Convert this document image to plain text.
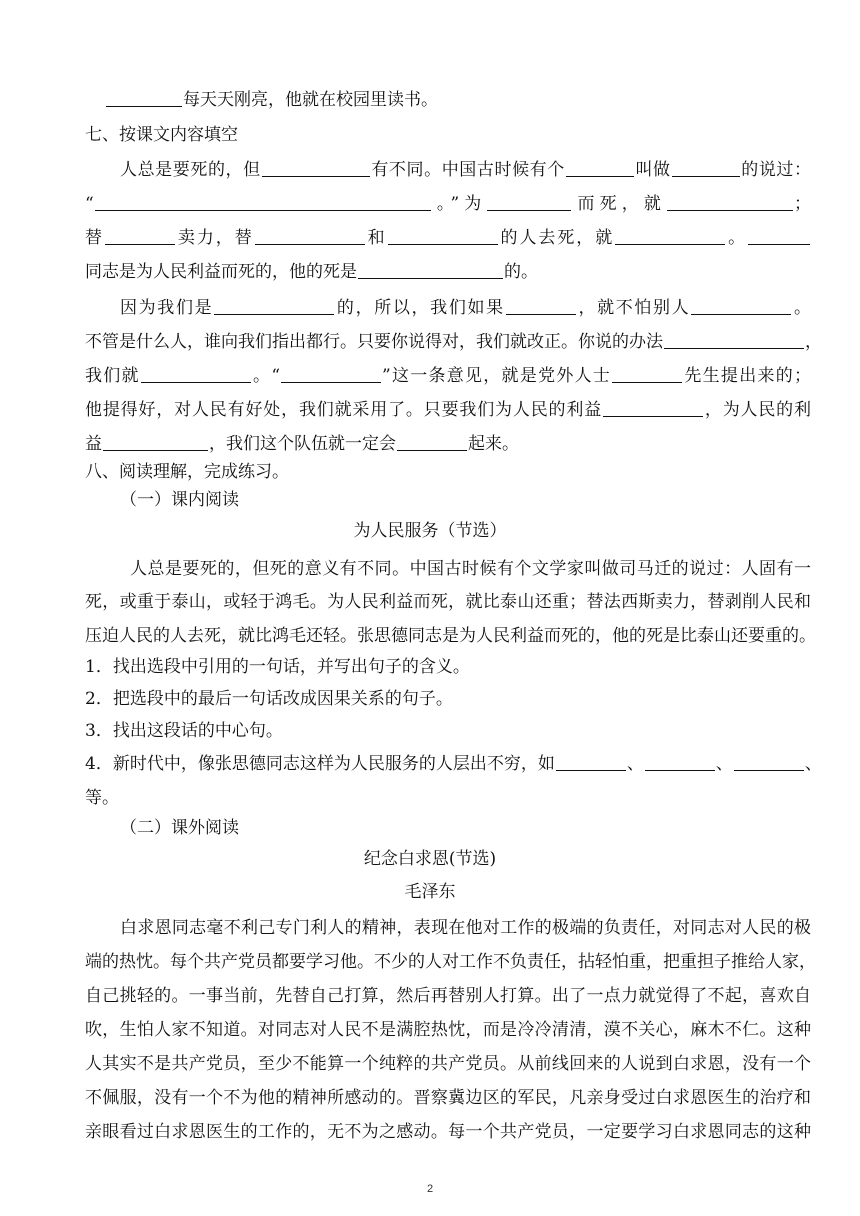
每天天刚亮，他就在校园里读书。
七、按课文内容填空
人总是要死的，但	有不同。中国古时候有个	叫做	的说过：
“	。”为	而死，就	；
替	卖力，替	和	的人去死，就	。
同志是为人民利益而死的，他的死是	的。
因为我们是	的，所以，我们如果	，就不怕别人	。
不管是什么人，谁向我们指出都行。只要你说得对，我们就改正。你说的办法	，
我们就	。“	”这一条意见，就是党外人士	先生提出来的；
他提得好，对人民有好处，我们就采用了。只要我们为人民的利益	，为人民的利
益	，我们这个队伍就一定会	起来。
八、阅读理解，完成练习。
（一）课内阅读
为人民服务（节选）
人总是要死的，但死的意义有不同。中国古时候有个文学家叫做司马迁的说过：人固有一
死，或重于泰山，或轻于鸿毛。为人民利益而死，就比泰山还重；替法西斯卖力，替剥削人民和
压迫人民的人去死，就比鸿毛还轻。张思德同志是为人民利益而死的，他的死是比泰山还要重的。
1．找出选段中引用的一句话，并写出句子的含义。
2．把选段中的最后一句话改成因果关系的句子。
3．找出这段话的中心句。
4．新时代中，像张思德同志这样为人民服务的人层出不穷，如	、	、	、
等。
（二）课外阅读
纪念白求恩(节选)
毛泽东
白求恩同志毫不利己专门利人的精神，表现在他对工作的极端的负责任，对同志对人民的极
端的热忱。每个共产党员都要学习他。不少的人对工作不负责任，拈轻怕重，把重担子推给人家，
自己挑轻的。一事当前，先替自己打算，然后再替别人打算。出了一点力就觉得了不起，喜欢自
吹，生怕人家不知道。对同志对人民不是满腔热忱，而是冷冷清清，漠不关心，麻木不仁。这种
人其实不是共产党员，至少不能算一个纯粹的共产党员。从前线回来的人说到白求恩，没有一个
不佩服，没有一个不为他的精神所感动的。晋察冀边区的军民，凡亲身受过白求恩医生的治疗和
亲眼看过白求恩医生的工作的，无不为之感动。每一个共产党员，一定要学习白求恩同志的这种
2
